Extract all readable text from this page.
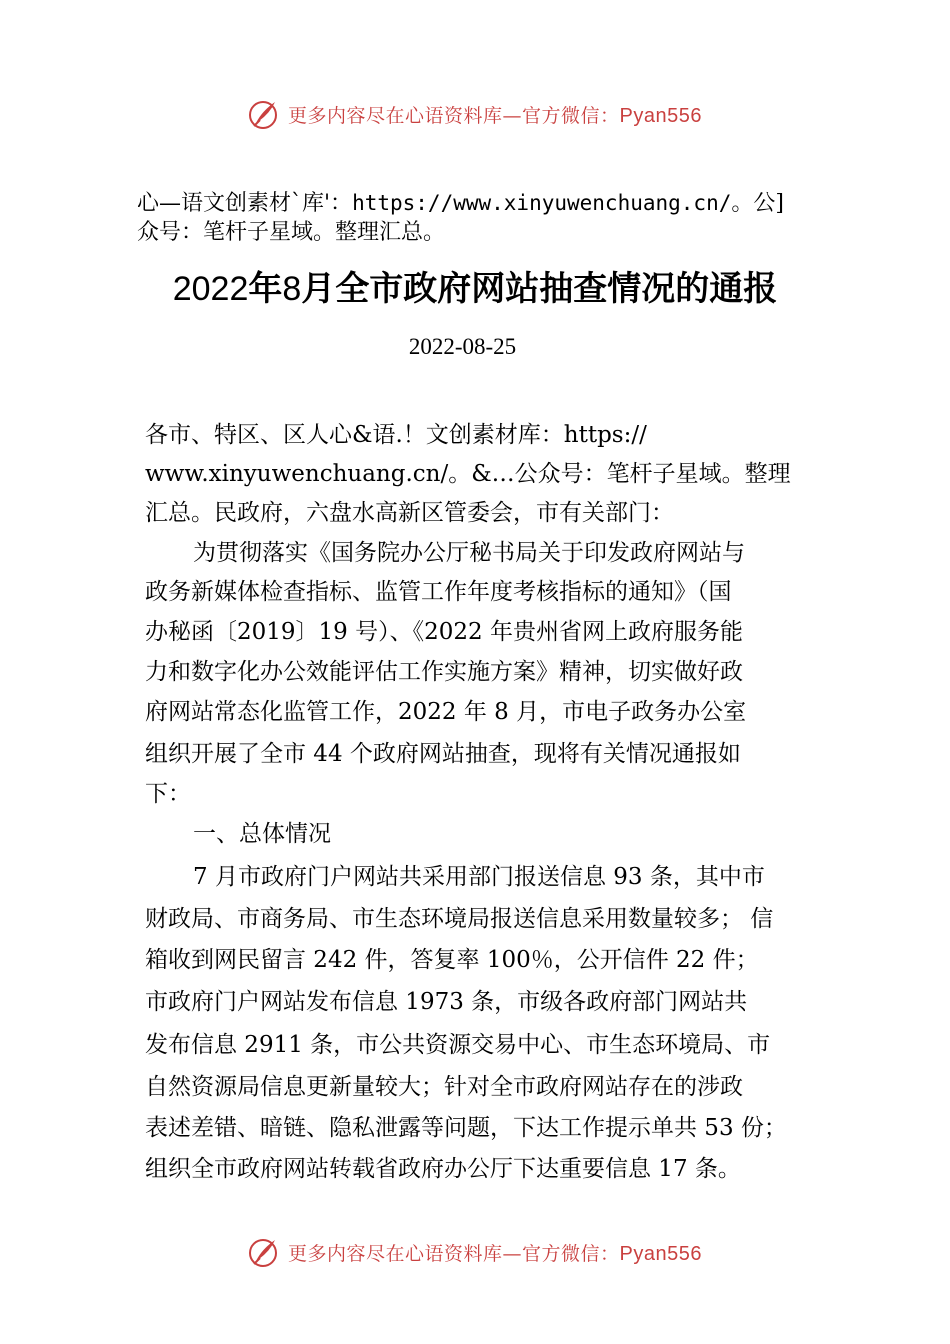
更多内容尽在心语资料库—官方微信：Pyan556
心—语文创素材`库'：https://www.xinyuwenchuang.cn/。公]
众号：笔杆子星域。整理汇总。
2022年8月全市政府网站抽查情况的通报
2022-08-25
各市、特区、区人心&语.！文创素材库：https://
www.xinyuwenchuang.cn/。&…公众号：笔杆子星域。整理
汇总。民政府，六盘水高新区管委会，市有关部门：
为贯彻落实《国务院办公厅秘书局关于印发政府网站与
政务新媒体检查指标、监管工作年度考核指标的通知》（国
办秘函〔2019〕19 号）、《2022 年贵州省网上政府服务能
力和数字化办公效能评估工作实施方案》精神，切实做好政
府网站常态化监管工作，2022 年 8 月，市电子政务办公室
组织开展了全市 44 个政府网站抽查，现将有关情况通报如
下：
一、总体情况
7 月市政府门户网站共采用部门报送信息 93 条，其中市
财政局、市商务局、市生态环境局报送信息采用数量较多； 信
箱收到网民留言 242 件，答复率 100％，公开信件 22 件；
市政府门户网站发布信息 1973 条，市级各政府部门网站共
发布信息 2911 条，市公共资源交易中心、市生态环境局、市
自然资源局信息更新量较大；针对全市政府网站存在的涉政
表述差错、暗链、隐私泄露等问题，下达工作提示单共 53 份；
组织全市政府网站转载省政府办公厅下达重要信息 17 条。
更多内容尽在心语资料库—官方微信：Pyan556
